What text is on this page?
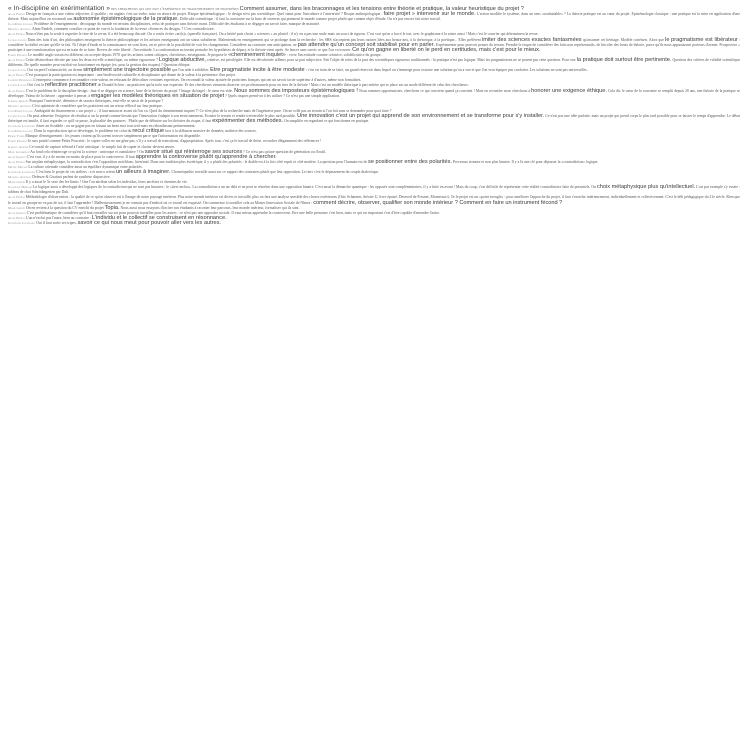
« In-discipline en exérimentation » des chercheurs qui ont fait l'expérience du franchissement de frontières Comment assumer, dans les braconnages et les tensions entre théorie et pratique, la valeur heuristique du projet ?
Alain Findeli Design en français a une valeur adjective, il qualifie ; en anglais c'est un verbe, mise en œuvre de projet. Risque épistémologique : le design n'est pas scientifique. Quel statut pour l'introduire à l'université ? Risque anthropologique : faire projet » intervenir sur le monde. L'action modifie le système, dans un sens «souhaitable» ? La théorie pratique est au cœur du projet. Epistémologie classique : une pratique est la mise en application d'une théorie. Mais aujourd'hui on reconnaît une autonomie épistémologique de la pratique. Difficulté scientifique : il faut la construire sur la base de sciences qui prennent le monde comme projet plutôt que comme objet d'étude. On n'a pas encore fait notre travail.
Jean-Pierre Cloarec Problème de l'enseignement : découpage du monde en terrains disciplinaires, refus de pratiquer sans théorie avant. Difficulté des étudiants à se dégager un savoir faire, manque de maturité.
Manuela Antunali Alain Findeli, comment concilier ce point de vue et la fondation de la revue «Sciences du design» ? C'est contradictoire.
Alain Findeli Nous n'êtes pas la seule à regretter le titre de la revue, il a été beaucoup discuté. On a voulu éviter «art(s)» (querelle française). On a hésité puis choisi « sciences » au pluriel : il n'y en a pas une seule mais un souci de rigueur. C'est vrai qu'on a forcé le ton, avec le graphisme à la saisie aussi ! Mais c'est le courrier qui déterminera la revue.
Jacques Lolive Dans des faits d'art, des philosophes enseignent la théorie philosophique et les artistes enseignants ont un statut subalterne. Malentendu en enseignement qui se prolonge dans la recherche : les SHS n'acceptent pas leurs racines liées aux beaux-arts, à la rhétorique, à la poétique... Elles préfèrent imiter des sciences exactes fantasmées qu'assumer cet héritage. Modèle cartésien. Alors que le pragmatisme est libérateur : considérer la réalité en tant qu'elle se fait. Ni l'objet d'étude ni la connaissance ne sont fixes, on se prive de la possibilité de voir les changements. Considérer au contraire une anticipation, ne pas attendre qu'un concept soit stabilisé pour en parler. Expérimenter pour pouvoir penser du terrain. Prendre le risque de considérer des faits non représentatifs, de bricoler des bouts de théorie, parce qu'ils nous apparaissent porteurs d'avenir. Prospective « participer à une transformation qui est en train de se faire. Revers de cette liberté : l'incertitude. La confrontation au terrain perturbe les hypothèses de départ, et la théorie vient après. Se lancer sans savoir ce que l'on va trouver. Ce qu'on gagne en liberté on le perd en certitudes, mais c'est pour le mieux.
Fabien Pinaroli Le modèle anglo-saxon est différent, on accepte depuis 1970 que les artistes soient critiques, chercheurs, enseignants. Je propose le «cheminement inquiet» : vivre l'incertitude comme créatrice, solidificatrice du groupe.
Alain Findeli Cette désinvolture décrite par tous les deux est-elle scientifique, ou même rigoureuse ? Logique abductive, créative, est privilégiée. Elle est dévalorisée ailleurs pour sa part subjective. Fait l'objet de refus de la part des scientifiques rigoureux traditionnels : la pratique n'est pas logique. Mais les pragmaticiens ne se posent pas cette question. Pour eux la pratique doit surtout être pertinente. Question des critères de validité scientifique différents. De quelle manière peut-on/doit-on fonctionner en équipe (ex. pour la gestion des risques) ? Question éthique.
Jacques Lolive Oui on perd l'exhaustivité, on donne simplement une trajectoire possible que l'on aide à solidifier. Etre pragmatiste incite à être modeste : c'est en train de se faire, un grand réservoir dans lequel on s'immerge pour extraire une solution qu'on a vue et que l'on veut équiper pas conforter. Les solutions ne sont pas universelles.
Alain Findeli C'est pourquoi la participation est importante : une biodiversité culturelle et disciplinaire qui donne de la valeur à la pertinence d'un projet.
Laurent Pennemano L'entreprise commence à reconnaître cette valeur, en refusant de délocaliser certaines expertises. On reconnaît la valeur ajoutée de praticiens français qui ont un savoir tacite supérieur à d'autres, même non formalisés.
Jacques Lolive Oui c'est le reflective practitioner de Donald Schön : un praticien qui bricole son expertise. Et des chercheurs viennent observer ces professionnels pour en tirer de la théorie ! Mais c'est un modèle théorique à part entière qui se place sur un mode différent de celui des chercheurs.
Alain Findeli C'est le problème de la discipline design : faut-il se dégager en science, faire de la théorie du projet ? Image du bagel : le cœur est vide. Nous sommes des imposteurs épistémologiques ! Nous sommes opportunistes, cherchons ce qui convient quand ça convient ! Mais en revanche nous cherchons à honorer une exigence éthique. Cela dit, le cœur de la couronne se remplit depuis 20 ans, une théorie de la pratique se développe. Valeur de la théorie : apprendre à penser, à engager les modèles théoriques en situation de projet ? Quels risques prend-on à les utiliser ? Ce n'est pas une simple application.
Isabelle Antoine Pourquoi l'université, détentrice de savoirs théoriques, veut-elle se saisir de la pratique ?
Manuela Antunali C'est optimiste de considérer que les praticiens ont un retour réflexif sur leur pratique.
Jean-Pierre Cloarec Ambiguïté du financement « sur projet » : il faut annoncer avant où l'on va. Quid du cheminement inquiet ?! Ce n'est plus de la recherche mais de l'ingénierie pure. On ne colle pas au terrain si l'on fait sans se demander pour quoi faire ?
Jacques Lolive On peut admettre l'exigence de résultat si on la prend comme besoin que l'innovation s'adapte à son environnement. Ecouter le terrain et rendre irréversible le plus tard possible. Une innovation c'est un projet qui apprend de son environnement et se transforme pour s'y installer. Ce n'est pas une idée parfaite, mais un projet qui prend corps le plus tard possible pour se laisser le temps d'apprendre. Le débat théorique est inutile, il faut regarder ce qu'il se passe, la pluralité des postures . Plutôt que de débattre sur les théories du risque, il faut expérimenter des méthodes. On simplifie en regardant ce qui fonctionne en pratique.
Jean-Louis Leonhardt Jouer au Scrabble : on ne gagne pas en faisant un beau mot tout seul mais en rebondissant pertinemment.
Jean-Pierre Cloarec Dans la coproduction qui se développe, le problème est celui du recul critique face à la diffusion massive de données, maîtrise des sources.
Pierre Vaisse Manque d'enseignement : les jeunes croient qu'ils savent trouver simplement parce que l'information est disponible.
Fabien Pinaroli Je suis positif comme Petite Poucette : le copier-coller ne me gêne pas, s'il y a travail de transitions, d'appropriation. Après tout, c'est ça le travail de thèse, recracher élégamment des références !
Isabelle Antoine Ce travail de capture n'étend à l'acte artistique : le simple fait de capter et choisir devient œuvre.
Maël Gourmelen Au fond cela réinterroge ce qu'est la science : univoque et cumulative ? On savoir situé qui réinterroge ses sources ? Ce n'est pas qu'une question de génération ou d'outil.
Alain Gordon C'est vrai, il y a de moins en moins de place pour la controverse. Il faut apprendre la controverse plutôt qu'apprendre à chercher.
Alain Findeli Sur un plan métaphysique, la contradiction c'est l'opposition noir/blanc, bien/mal. Dans une tradition plus ésotérique, il y a plutôt des polarités : le diable est à la fois côté esprit et côté matière. La question pour l'humain est de se positionner entre des polarités. Processus ternaire et non plus binaire. Il y a là une clé pour dépasser la «contradiction» logique.
Michel Meyard La culture orientale considère aussi un équilibre dynamique entre polarités.
Jean-Louis Leonhardt C'est bien le projet de ces ateliers : a et non-a créent un ailleurs à imaginer. L'homéopathie travaille aussi sur ce rapport des contraires plutôt que leur opposition. Le tiers c'est le dépassement du couple dialectique.
Manuela Antunali Deleuze & Guattari parlent de synthèse disjonctive.
Marie Gervin Il y a aussi le 'le sexe des les limits ! One l'on attribue selon les individus, leurs ancêtres et chemins de vie.
Jean-Loup Hebrard La logique aussi a développé des logiques de la contradiction qui ne sont pas binaires : le «tiers inclus». La contradiction a un au-delà et ne peut se résorber dans une opposition binaire. C'est aussi la démarche quantique : les opposés sont complémentaires, il y a fuite en avant ! Mais du coup, c'est difficile de représenter cette réalité contradictoire faite de potentiels. On choix métaphysique plus qu'intellectuel. L'art par exemple s'y essaie : tableau de chat Schrödingerien par Dali.
Alain Findeli Méthodologie d'observation : la qualité de ce qu'on observe est à l'image de notre paysage intérieur. Plus notre monde intérieur est divers et travaillé, plus on fera une analyse sensible des choses extérieures (Otto Scharmer, théorie U, livre épuisé, Deseved de Fresnet, Montessori). Or le projet est un «point aveugle» : pour améliorer l'approche du projet, il faut s'enrichir intérieurement, individuellement et collectivement. C'est le défi pédagogique du 21e siècle. Rien que le travail en groupe ne va pas de soi, il faut l'apprendre ! Malheureusement je ne connais pas d'endroit où ce travail est esquissé. On commence à travailler cela au Master Innovation Sociale de Nîmes : comment décrire, observer, qualifier son monde intérieur ? Comment en faire un instrument fécond ?
Marie Gervin On en revient à la question du CV enrichi du projet Topia. Nous aussi nous essayons d'inciter nos étudiants à raconter leur parcours, leur monde intérieur, formaliser qui ils sont.
Alain Gordon C'est problématique de considérer qu'il faut travailler sur soi pour pouvoir travailler pour les autres : ce n'est pas une approche sociale. Il vaut mieux apprendre la controverse. Etre une belle personne c'est bien, mais ce qui est important c'est d'être capable d'entendre l'autre.
Alain Findeli L'un n'exclut pas l'autre, bien au contraire : L'individu et le collectif se construisent en résonnance.
Jean-Louis Leonhardt Oui il faut sortir ses tripes, savoir ce qui nous meut pour pouvoir aller vers les autres.
